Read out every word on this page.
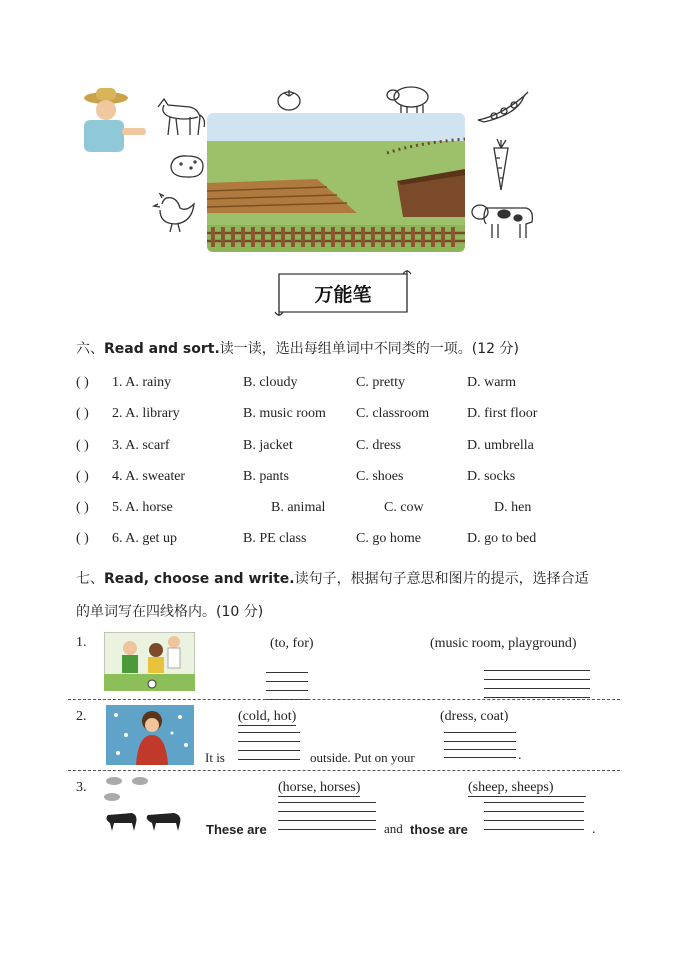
万能笔
六、Read and sort.读一读，选出每组单词中不同类的一项。(12 分)
( ) 1. A. rainy	B. cloudy	C. pretty	D. warm
( ) 2. A. library	B. music room C. classroom	D. first floor
( ) 3. A. scarf	B. jacket	C. dress	D. umbrella
( ) 4. A. sweater	B. pants	C. shoes	D. socks
( ) 5. A. horse	B. animal	C. cow	D. hen
( ) 6. A. get up	B. PE class	C. go home	D. go to bed
七、Read, choose and write.读句子，根据句子意思和图片的提示，选择合适
的单词写在四线格内。(10 分)
1.	(to, for)	(music room, playground)
2.	(cold, hot)	(dress, coat)
It is	outside. Put on your	.
3.	(horse, horses)	(sheep, sheeps)
These are	and those are	.
